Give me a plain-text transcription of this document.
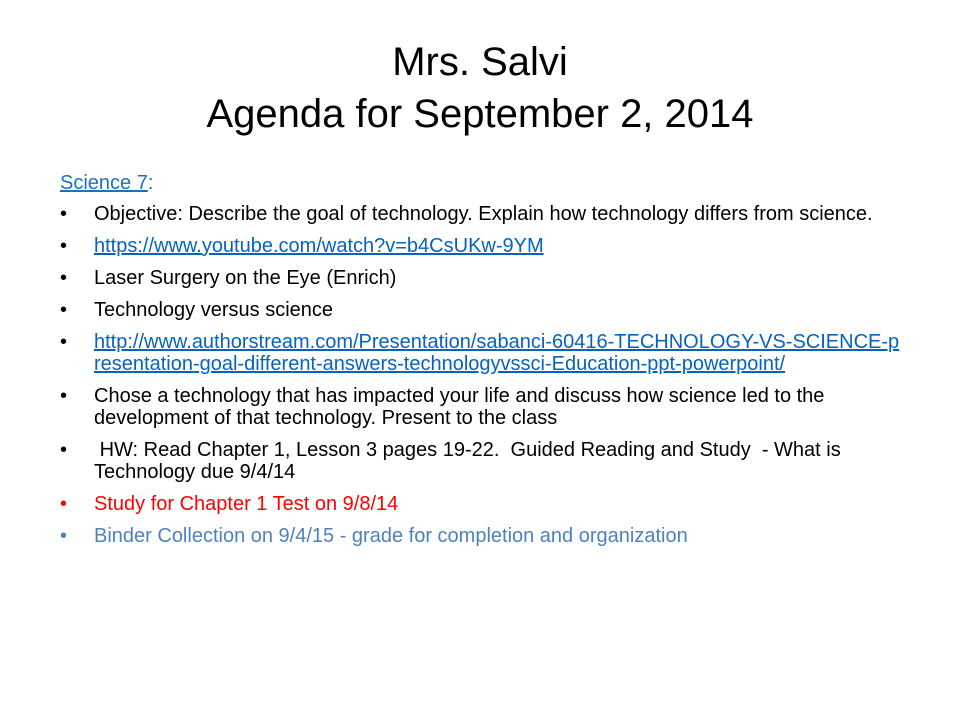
Mrs. Salvi
Agenda for September 2, 2014
Science 7:
•	Objective: Describe the goal of technology. Explain how technology differs from science.
•	https://www.youtube.com/watch?v=b4CsUKw-9YM
•	Laser Surgery on the Eye (Enrich)
•	Technology versus science
•	http://www.authorstream.com/Presentation/sabanci-60416-TECHNOLOGY-VS-SCIENCE-presentation-goal-different-answers-technologyvssci-Education-ppt-powerpoint/
•	Chose a technology that has impacted your life and discuss how science led to the development of that technology. Present to the class
•	HW: Read Chapter 1, Lesson 3 pages 19-22.  Guided Reading and Study  - What is Technology due 9/4/14
•	Study for Chapter 1 Test on 9/8/14
•	Binder Collection on 9/4/15 - grade for completion and organization
